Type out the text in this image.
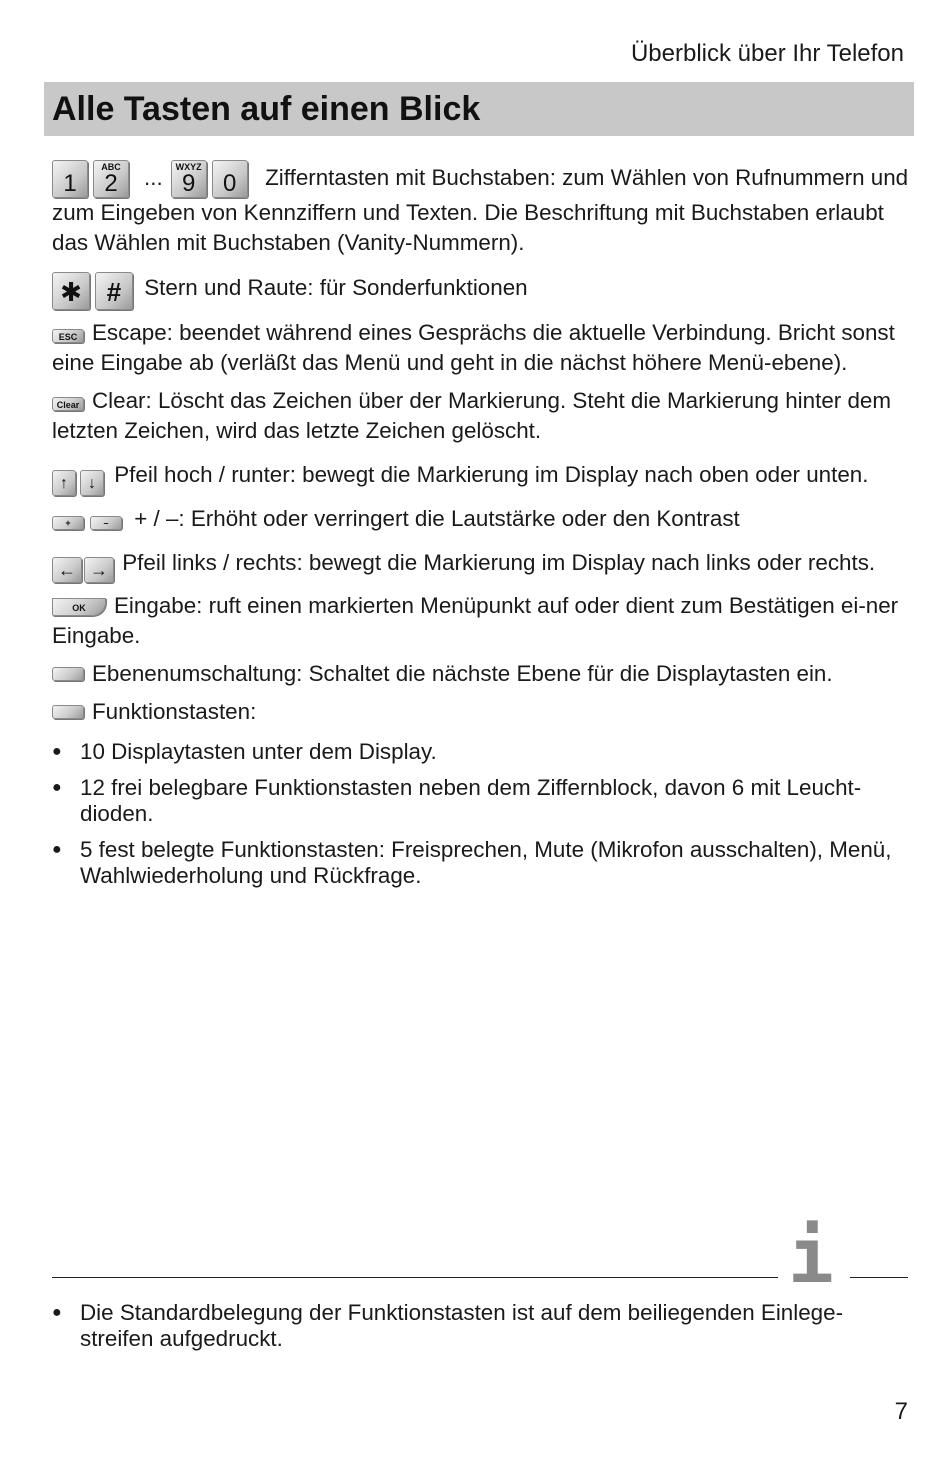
Überblick über Ihr Telefon
Alle Tasten auf einen Blick

1
ABC
2 ...	WXYZ
9 0 Zifferntasten mit Buchstaben: zum Wählen von Rufnummern und zum Eingeben von Kennziffern und Texten. Die Beschriftung mit Buchstaben erlaubt das Wählen mit Buchstaben (Vanity-Nummern).

✱ # Stern und Raute: für Sonderfunktionen

ESC Escape: beendet während eines Gesprächs die aktuelle Verbindung. Bricht sonst eine Eingabe ab (verläßt das Menü und geht in die nächst höhere Menü-ebene).

Clear Clear: Löscht das Zeichen über der Markierung. Steht die Markierung hinter dem letzten Zeichen, wird das letzte Zeichen gelöscht.

↑ ↓ Pfeil hoch / runter: bewegt die Markierung im Display nach oben oder unten.

+	– + / –: Erhöht oder verringert die Lautstärke oder den Kontrast

← → Pfeil links / rechts: bewegt die Markierung im Display nach links oder rechts.

OK Eingabe: ruft einen markierten Menüpunkt auf oder dient zum Bestätigen ei-ner Eingabe.

Ebenenumschaltung: Schaltet die nächste Ebene für die Displaytasten ein.

Funktionstasten:

● 10 Displaytasten unter dem Display.
● 12 frei belegbare Funktionstasten neben dem Ziffernblock, davon 6 mit Leucht-dioden.
● 5 fest belegte Funktionstasten: Freisprechen, Mute (Mikrofon ausschalten), Menü, Wahlwiederholung und Rückfrage.
i
● Die Standardbelegung der Funktionstasten ist auf dem beiliegenden Einlege-streifen aufgedruckt.
7
